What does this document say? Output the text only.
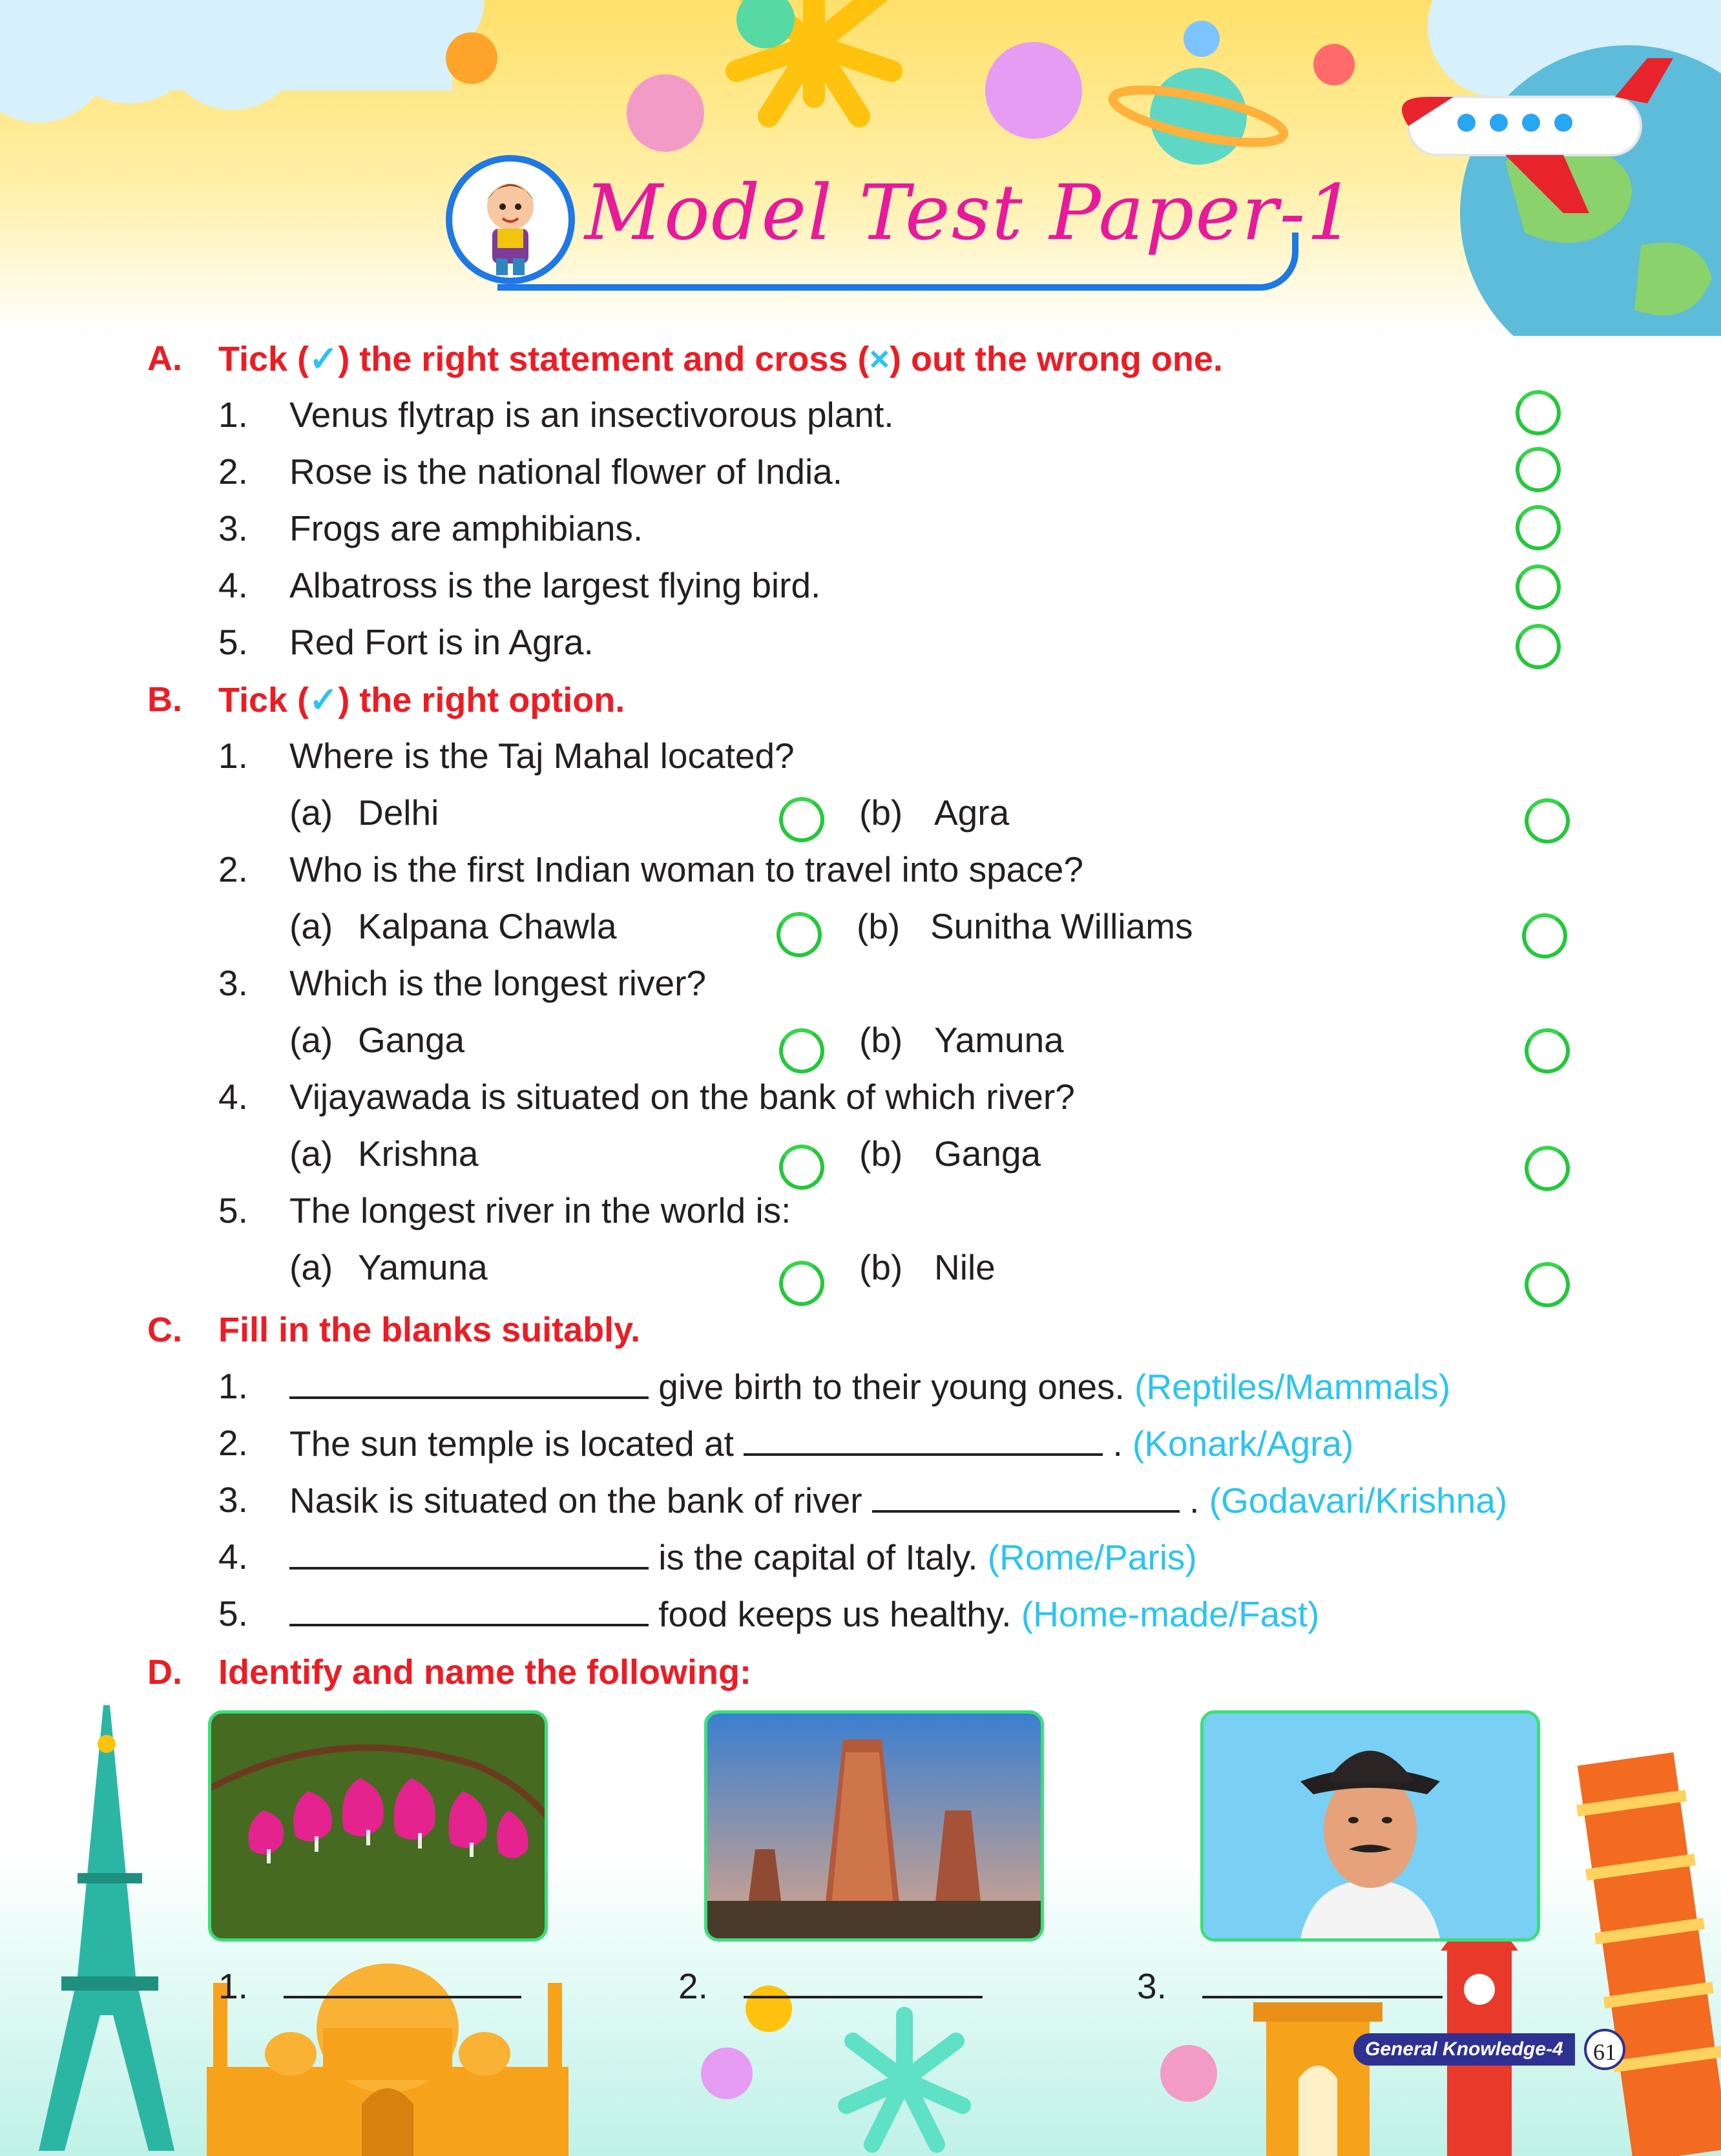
Model Test Paper-1
A. Tick (✓) the right statement and cross (×) out the wrong one.
1. Venus flytrap is an insectivorous plant.
2. Rose is the national flower of India.
3. Frogs are amphibians.
4. Albatross is the largest flying bird.
5. Red Fort is in Agra.
B. Tick (✓) the right option.
1. Where is the Taj Mahal located?
(a) Delhi	(b) Agra
2. Who is the first Indian woman to travel into space?
(a) Kalpana Chawla	(b) Sunitha Williams
3. Which is the longest river?
(a) Ganga	(b) Yamuna
4. Vijayawada is situated on the bank of which river?
(a) Krishna	(b) Ganga
5. The longest river in the world is:
(a) Yamuna	(b) Nile
C. Fill in the blanks suitably.
1.	give birth to their young ones. (Reptiles/Mammals)
2. The sun temple is located at	. (Konark/Agra)
3. Nasik is situated on the bank of river	. (Godavari/Krishna)
4.	is the capital of Italy. (Rome/Paris)
5.	food keeps us healthy. (Home-made/Fast)
D. Identify and name the following:
1.	2.	3.
General Knowledge-4	61
